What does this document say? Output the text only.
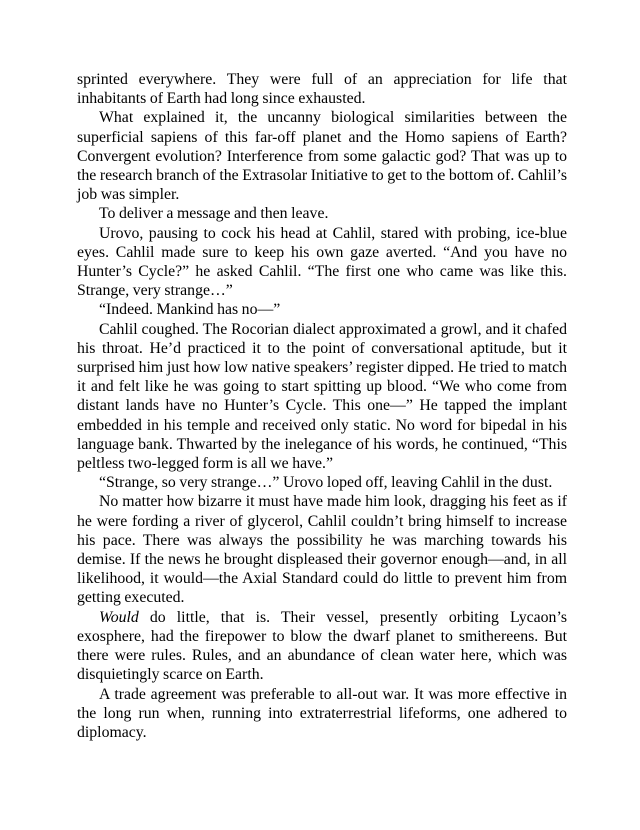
sprinted everywhere. They were full of an appreciation for life that inhabitants of Earth had long since exhausted.

What explained it, the uncanny biological similarities between the superficial sapiens of this far-off planet and the Homo sapiens of Earth? Convergent evolution? Interference from some galactic god? That was up to the research branch of the Extrasolar Initiative to get to the bottom of. Cahlil’s job was simpler.

To deliver a message and then leave.

Urovo, pausing to cock his head at Cahlil, stared with probing, ice-blue eyes. Cahlil made sure to keep his own gaze averted. “And you have no Hunter’s Cycle?” he asked Cahlil. “The first one who came was like this. Strange, very strange…”

“Indeed. Mankind has no—”

Cahlil coughed. The Rocorian dialect approximated a growl, and it chafed his throat. He’d practiced it to the point of conversational aptitude, but it surprised him just how low native speakers’ register dipped. He tried to match it and felt like he was going to start spitting up blood. “We who come from distant lands have no Hunter’s Cycle. This one—” He tapped the implant embedded in his temple and received only static. No word for bipedal in his language bank. Thwarted by the inelegance of his words, he continued, “This peltless two-legged form is all we have.”

“Strange, so very strange…” Urovo loped off, leaving Cahlil in the dust.

No matter how bizarre it must have made him look, dragging his feet as if he were fording a river of glycerol, Cahlil couldn’t bring himself to increase his pace. There was always the possibility he was marching towards his demise. If the news he brought displeased their governor enough—and, in all likelihood, it would—the Axial Standard could do little to prevent him from getting executed.

Would do little, that is. Their vessel, presently orbiting Lycaon’s exosphere, had the firepower to blow the dwarf planet to smithereens. But there were rules. Rules, and an abundance of clean water here, which was disquietingly scarce on Earth.

A trade agreement was preferable to all-out war. It was more effective in the long run when, running into extraterrestrial lifeforms, one adhered to diplomacy.
